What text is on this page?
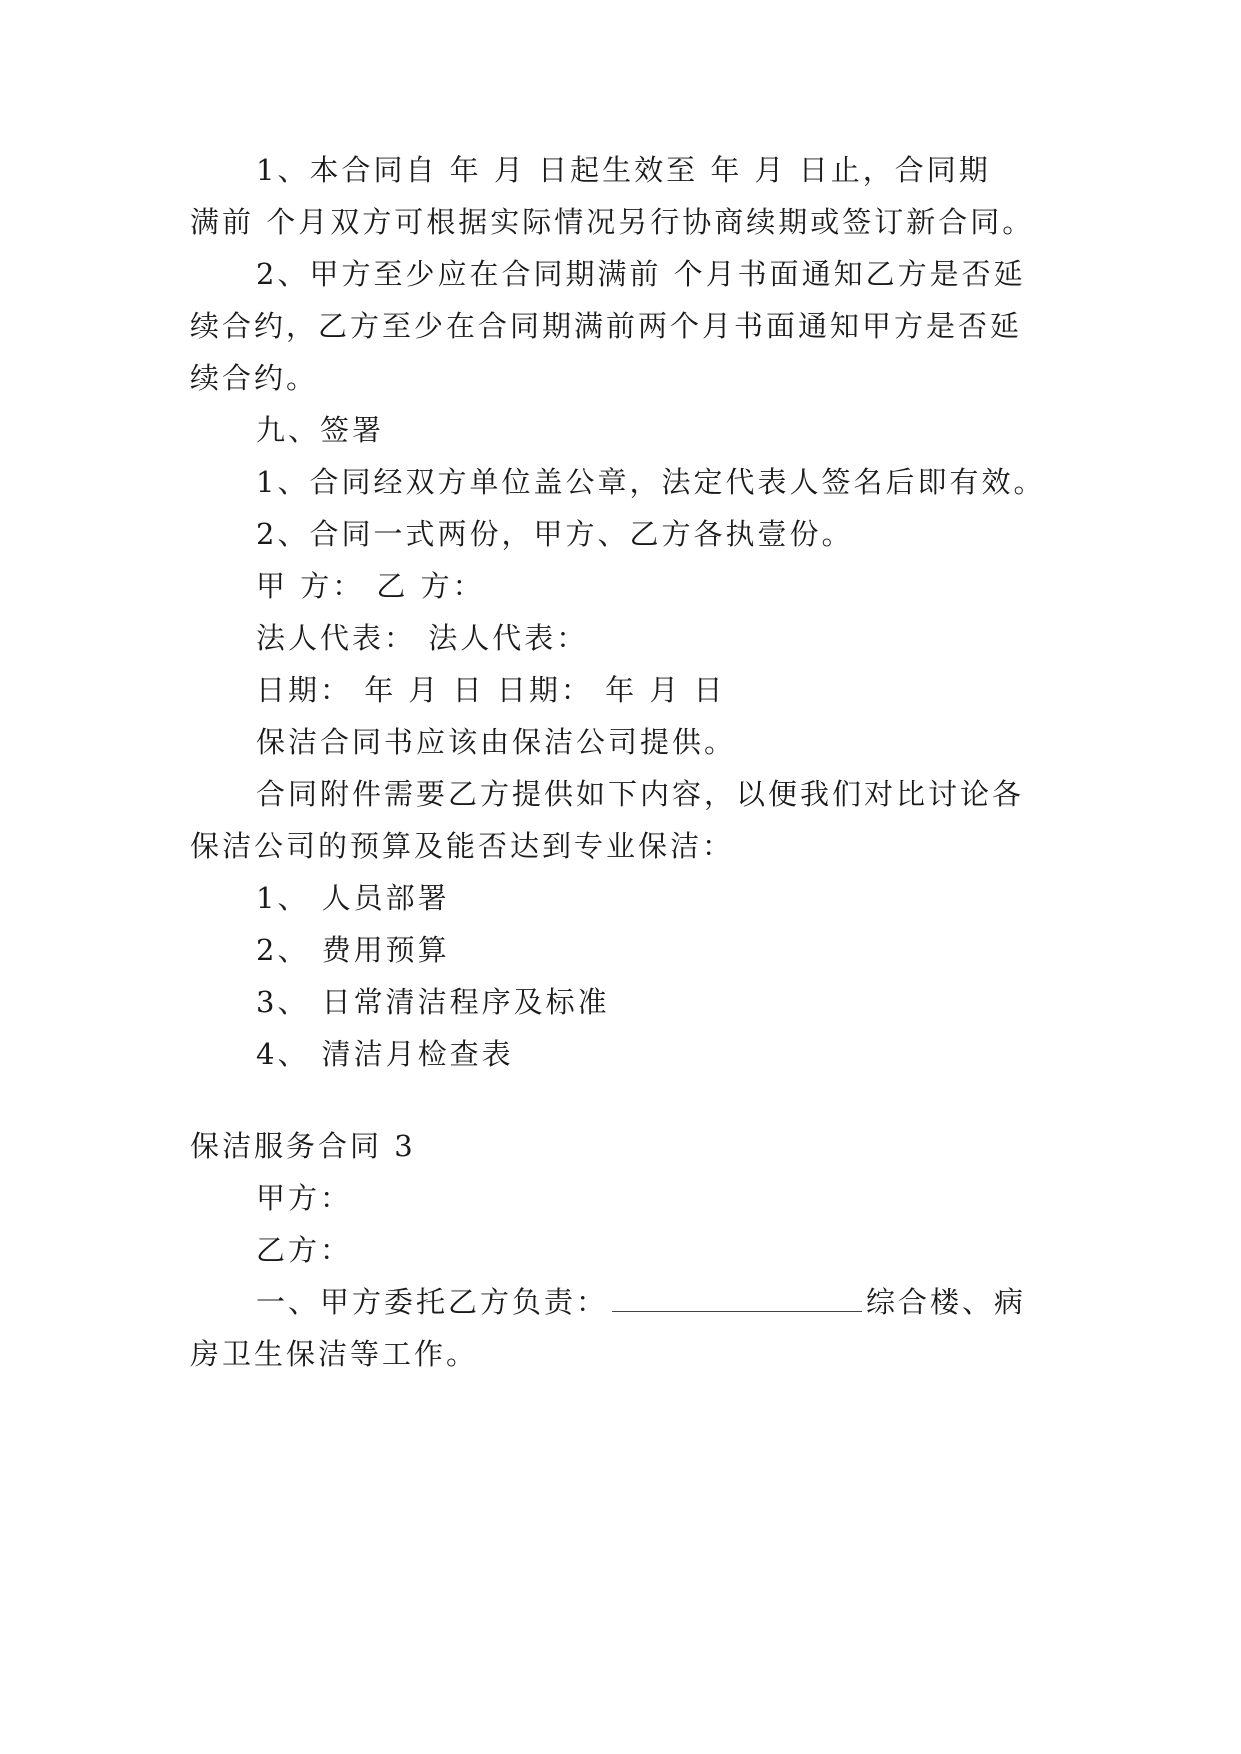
1、本合同自 年 月 日起生效至 年 月 日止，合同期
满前 个月双方可根据实际情况另行协商续期或签订新合同。
2、甲方至少应在合同期满前 个月书面通知乙方是否延
续合约，乙方至少在合同期满前两个月书面通知甲方是否延
续合约。
九、签署
1、合同经双方单位盖公章，法定代表人签名后即有效。
2、合同一式两份，甲方、乙方各执壹份。
甲 方： 乙 方：
法人代表： 法人代表：
日期： 年 月 日 日期： 年 月 日
保洁合同书应该由保洁公司提供。
合同附件需要乙方提供如下内容，以便我们对比讨论各
保洁公司的预算及能否达到专业保洁：
1、 人员部署
2、 费用预算
3、 日常清洁程序及标准
4、 清洁月检查表
保洁服务合同 3
甲方：
乙方：
一、甲方委托乙方负责：	综合楼、病
房卫生保洁等工作。
